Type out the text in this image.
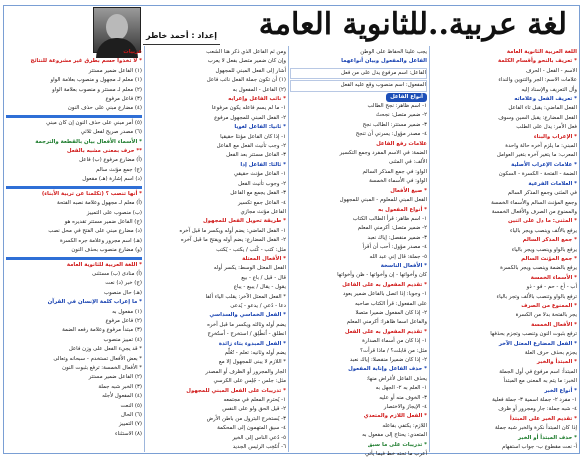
إعداد : أحمد خاطر لغة عربية..للثانوية العامة
اللغة العربية الثانوية العامة
* تعريف بالنحو وأقسام الكلمة
الاسم - الفعل - الحرف
علامات الاسم: الجر والتنوين والنداء
وأل التعريف والإسناد إليه
* تعريف الفعل وعلاماته
الفعل الماضي: يقبل تاء الفاعل
الفعل المضارع: يقبل السين وسوف
فعل الأمر: يدل على الطلب
* الإعراب والبناء
المبني: ما يلزم آخره حالة واحدة
المعرب: ما يتغير آخره بتغير العوامل
* علامات الإعراب الأصلية
الضمة - الفتحة - الكسرة - السكون
* العلامات الفرعية
في المثنى وجمع المذكر السالم
وجمع المؤنث السالم والأسماء الخمسة
والممنوع من الصرف والأفعال الخمسة
* المثنى: ما دل على اثنين
يرفع بالألف وينصب ويجر بالياء
* جمع المذكر السالم
يرفع بالواو وينصب ويجر بالياء
* جمع المؤنث السالم
يرفع بالضمة وينصب ويجر بالكسرة
* الأسماء الخمسة
أب - أخ - حم - فو - ذو
ترفع بالواو وتنصب بالألف وتجر بالياء
* الممنوع من الصرف
يجر بالفتحة بدلا من الكسرة
* الأفعال الخمسة
ترفع بثبوت النون وتنصب وتجزم بحذفها
* الفعل المضارع المعتل الآخر
يجزم بحذف حرف العلة
* المبتدأ والخبر
المبتدأ: اسم مرفوع في أول الجملة
الخبر: ما يتم به المعنى مع المبتدأ
* أنواع الخبر
١- مفرد ٢- جملة اسمية ٣- جملة فعلية
٤- شبه جملة: جار ومجرور أو ظرف
* تقديم الخبر على المبتدأ
إذا كان المبتدأ نكرة والخبر شبه جملة
* حذف المبتدأ أو الخبر
أ- نعت مقطوع ب- جواب استفهام
يجب علينا الحفاظ على الوطن
الفاعل والمفعول وبيان أنواعهما
الفاعل: اسم مرفوع يدل على من فعل
المفعول: اسم منصوب وقع عليه الفعل
أنواع الفاعل
١- اسم ظاهر: نجح الطالب
٢- ضمير متصل: نجحتُ
٣- ضمير مستتر: الطالب نجح
٤- مصدر مؤول: يسرني أن تنجح
علامات رفع الفاعل
الضمة: في الاسم المفرد وجمع التكسير
الألف: في المثنى
الواو: في جمع المذكر السالم
الواو: في الأسماء الخمسة
* صيغ الأفعال
الفعل المبني للمعلوم - المبني للمجهول
* أنواع المفعول به
١- اسم ظاهر: قرأ الطالب الكتاب
٢- ضمير متصل: أكرمني المعلم
٣- ضمير منفصل: إياك نعبد
٤- مصدر مؤول: أحب أن أقرأ
٥- جملة: قال إني عبد الله
* الأفعال الناسخة
كان وأخواتها - إن وأخواتها - ظن وأخواتها
* تقديم المفعول به على الفاعل
١- وجوبا: إذا اتصل بالفاعل ضمير يعود
على المفعول: قرأ الكتاب صاحبه
٢- إذا كان المفعول ضميرا متصلا
والفاعل اسما ظاهرا: أكرمني المعلم
* تقديم المفعول به على الفعل
١- إذا كان من أسماء الصدارة
مثل: من قابلت؟ / ماذا قرأت؟
٢- إذا كان ضميرا منفصلا: إياك نعبد
* حذف الفاعل وإنابة المفعول
يحذف الفاعل لأغراض منها:
١- العلم به ٢- الجهل به
٣- الخوف منه أو عليه
٤- الإيجاز والاختصار
* الفعل اللازم والمتعدي
اللازم: يكتفي بفاعله
المتعدي: يحتاج إلى مفعول به
* تدريبات على ما سبق
أعرب ما تحته خط فيما يأتي
ومن ثم الفاعل الذي ذكر هنا الشعب
وإن كان ضمير متصل بفعل لا يعرب
أشار إلى الفعل المبني للمجهول
(١) أن تكون جملة الفعل نائب فاعل
(٢) الفاعل - المفعول به
* نائب الفاعل وإعرابه
١- ما لم يسم فاعله يكون مرفوعا
٢- الفعل المبني للمجهول مرفوع
* ثانيا: الفاعل لغويا
١- إذا كان الفاعل مؤنثا حقيقيا
٢- وجب تأنيث الفعل مع الفاعل
٣- الفاعل مستتر بعد الفعل
* ثالثا: الفاعل إذا
١- الفاعل مؤنث حقيقي
٢- وجوب تأنيث الفعل
٣- الفعل يجمع مع الفاعل
٤- الفاعل جمع تكسير
الفاعل مؤنث مجازي
* طريقة تحويل الفعل للمجهول
١- الفعل الماضي: يضم أوله ويكسر ما قبل آخره
٢- الفعل المضارع: يضم أوله ويفتح ما قبل آخره
مثل: كتب - كُتب / يكتب - يُكتب
* الأفعال المعتلة
الفعل المعتل الوسط: يكسر أوله
قال - قيل / باع - بيع
يقول - يقال / يبيع - يباع
* الفعل المعتل الآخر: يقلب الياء ألفا
دعا - دُعي / يدعو - يُدعى
* الفعل الخماسي والسداسي
يضم أوله وثالثه ويكسر ما قبل آخره
انطلق - اُنطُلِق / استخرج - اُستُخرِج
* الفعل المبدوء بتاء زائدة
يضم أوله وثانيه: تعلم - تُعُلِّم
* اللازم لا يبنى للمجهول إلا مع
الجار والمجرور أو الظرف أو المصدر
مثل: جلس - جُلِس على الكرسي
* تدريبات على الفعل المبني للمجهول
١- يُحترم المعلم في مجتمعه
٢- قيل الحق ولو على النفس
٣- يُستخرج البترول من باطن الأرض
٤- سيق المتهمون إلى المحكمة
٥- دُعي الناس إلى الخير
٦- اُنتُخِب الرئيس الجديد
عربيات
* لا تخذوا حسم بطرق غير مشروعة للنتائج
(١) الفاعل ضمير مستتر
(١) معلم لـ مجهول و منصوب بعلامة الواو
(٢) معلم لـ مستتر و منصوب بعلامة الواو
(٣) فاعل مرفوع
(٤) مضارع مبني على حذف النون
(٥) أمر مبني على حذف النون إن كان مبني
(٦) مصدر صريح لفعل ثلاثي
* الأسماء الأفعال بيان بالقطعة والترجمة
** حرف بمعنى مشبه بالفعل
(أ) مضارع مرفوع (ب) فاعل
(ج) جمع مؤنث سالم
(د) اسم إشارة (هـ) مفعول
* أنها تنصب ؟ (تكلمنا عن تربية الأبناء)
(أ) معلم لـ مجهول وعلامة نصبه الفتحة
(ب) منصوب على التمييز
(ج) الفاعل ضمير مستتر تقديره هو
(د) مضارع مبني على الفتح في محل نصب
(هـ) اسم مجرور وعلامة جره الكسرة
(و) مضارع منصوب بحذف النون
* اللغة العربية للثانوية العامة
(أ) منادى (ب) مستثنى
(ج) خبر (د) نعت
(هـ) حال منصوب
* ما إعراب كلمة الإنسان في القرآن
(١) مفعول به
(٢) فاعل مرفوع
(٣) مبتدأ مرفوع وعلامة رفعه الضمة
(٤) تمييز منصوب
* قد يجيء الفعل على وزن فاعل
* بعض الأفعال تستخدم - سبحانه وتعالى
* الأفعال الخمسة: ترفع بثبوت النون
(٢) الفاعل ضمير مستتر
(٣) الخبر شبه جملة
(٤) المفعول لأجله
(٥) النعت
(٦) الحال
(٧) التمييز
(٨) الاستثناء
